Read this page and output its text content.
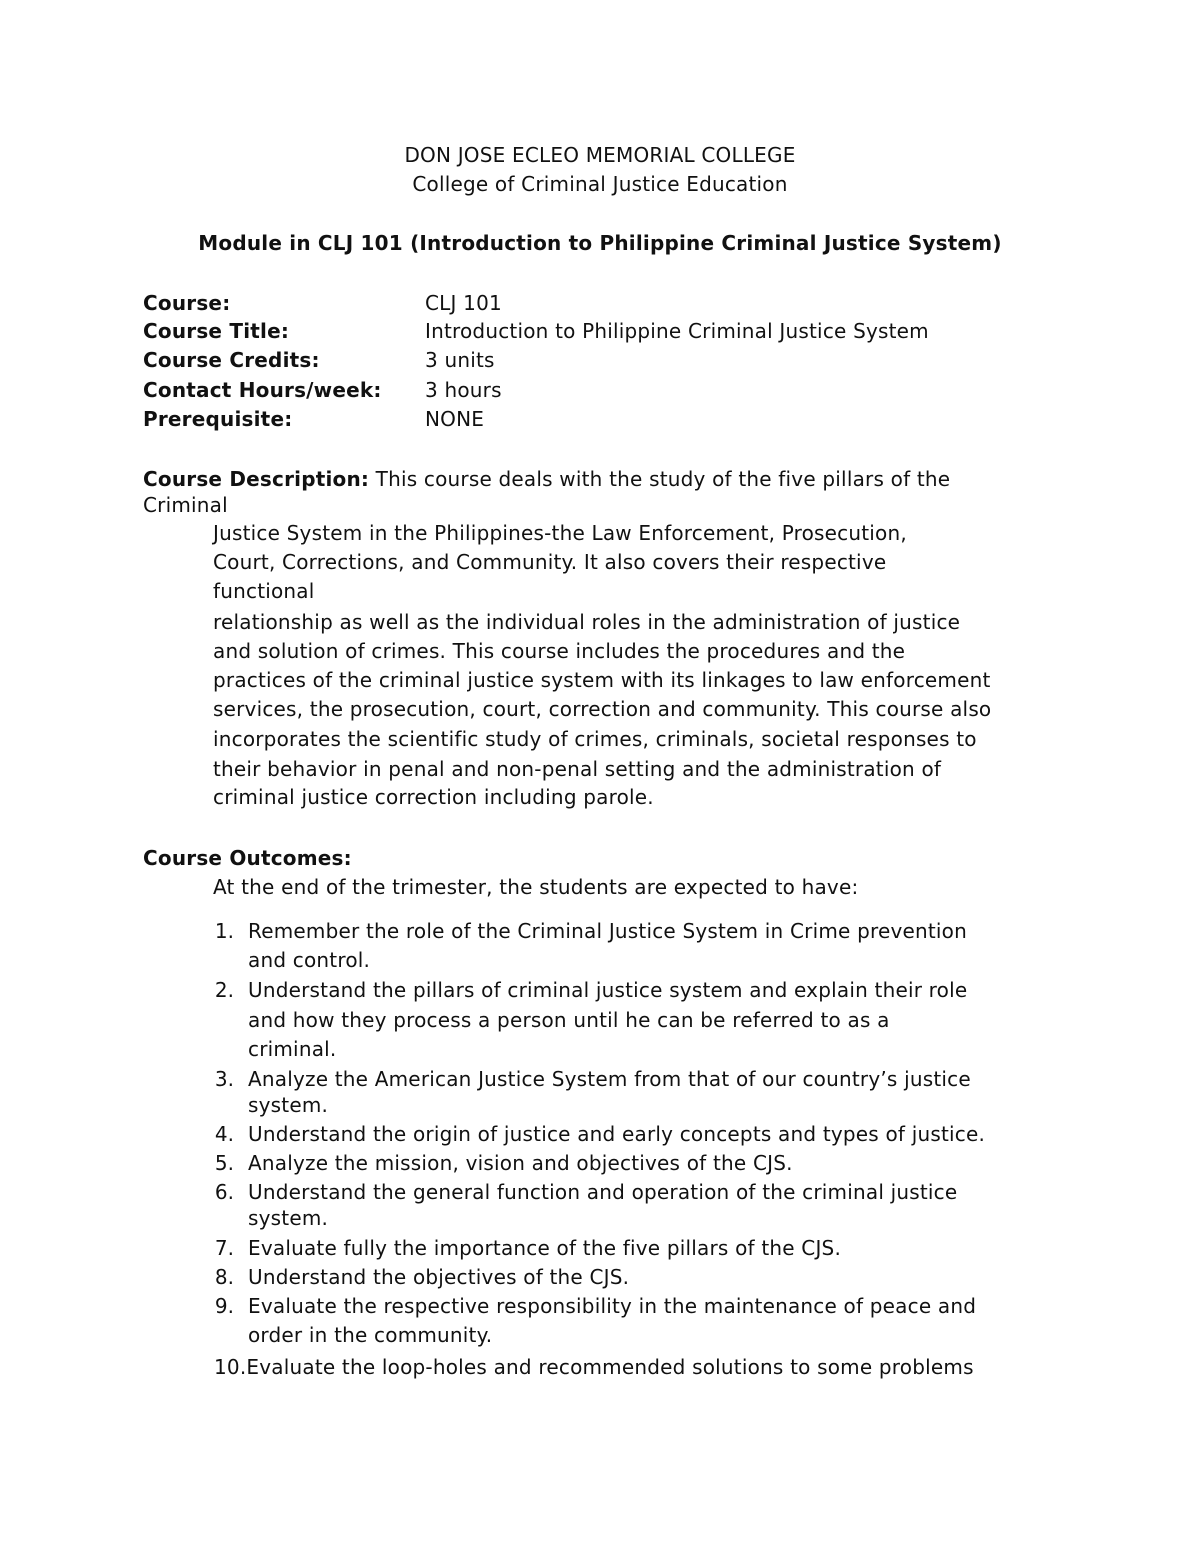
DON JOSE ECLEO MEMORIAL COLLEGE
College of Criminal Justice Education
Module in CLJ 101 (Introduction to Philippine Criminal Justice System)
Course:	CLJ 101
Course Title:	Introduction to Philippine Criminal Justice System
Course Credits:	3 units
Contact Hours/week: 3 hours
Prerequisite:	NONE
Course Description: This course deals with the study of the five pillars of the
Criminal
Justice System in the Philippines-the Law Enforcement, Prosecution,
Court, Corrections, and Community. It also covers their respective
functional
relationship as well as the individual roles in the administration of justice
and solution of crimes. This course includes the procedures and the
practices of the criminal justice system with its linkages to law enforcement
services, the prosecution, court, correction and community. This course also
incorporates the scientific study of crimes, criminals, societal responses to
their behavior in penal and non-penal setting and the administration of
criminal justice correction including parole.
Course Outcomes:
At the end of the trimester, the students are expected to have:
1. Remember the role of the Criminal Justice System in Crime prevention
and control.
2. Understand the pillars of criminal justice system and explain their role
and how they process a person until he can be referred to as a
criminal.
3. Analyze the American Justice System from that of our country’s justice
system.
4. Understand the origin of justice and early concepts and types of justice.
5. Analyze the mission, vision and objectives of the CJS.
6. Understand the general function and operation of the criminal justice
system.
7. Evaluate fully the importance of the five pillars of the CJS.
8. Understand the objectives of the CJS.
9. Evaluate the respective responsibility in the maintenance of peace and
order in the community.
10.Evaluate the loop-holes and recommended solutions to some problems
